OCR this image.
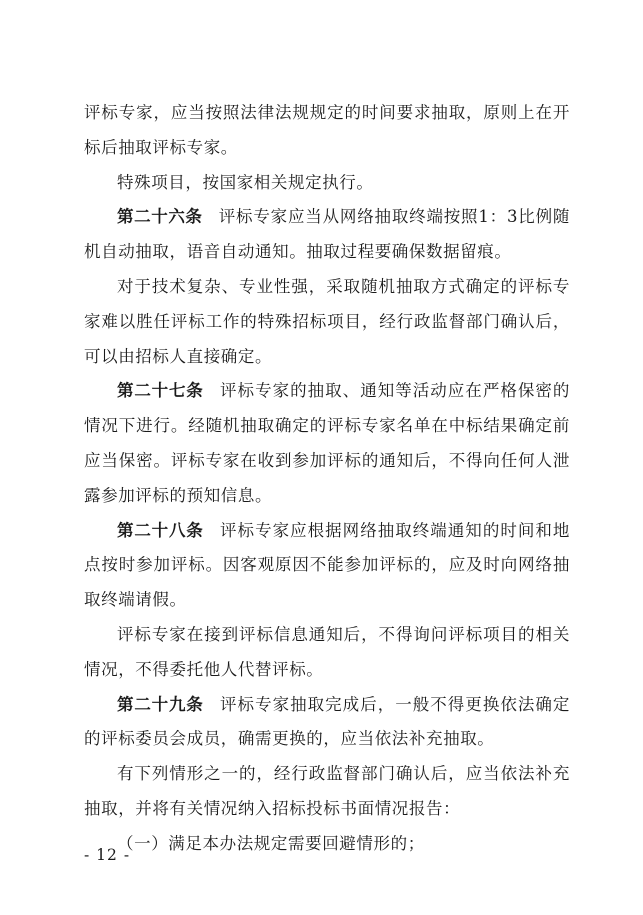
评标专家，应当按照法律法规规定的时间要求抽取，原则上在开标后抽取评标专家。

特殊项目，按国家相关规定执行。

第二十六条 评标专家应当从网络抽取终端按照1：3比例随机自动抽取，语音自动通知。抽取过程要确保数据留痕。

对于技术复杂、专业性强，采取随机抽取方式确定的评标专家难以胜任评标工作的特殊招标项目，经行政监督部门确认后，可以由招标人直接确定。

第二十七条 评标专家的抽取、通知等活动应在严格保密的情况下进行。经随机抽取确定的评标专家名单在中标结果确定前应当保密。评标专家在收到参加评标的通知后，不得向任何人泄露参加评标的预知信息。

第二十八条 评标专家应根据网络抽取终端通知的时间和地点按时参加评标。因客观原因不能参加评标的，应及时向网络抽取终端请假。

评标专家在接到评标信息通知后，不得询问评标项目的相关情况，不得委托他人代替评标。

第二十九条 评标专家抽取完成后，一般不得更换依法确定的评标委员会成员，确需更换的，应当依法补充抽取。

有下列情形之一的，经行政监督部门确认后，应当依法补充抽取，并将有关情况纳入招标投标书面情况报告：

（一）满足本办法规定需要回避情形的；

- 12 -
